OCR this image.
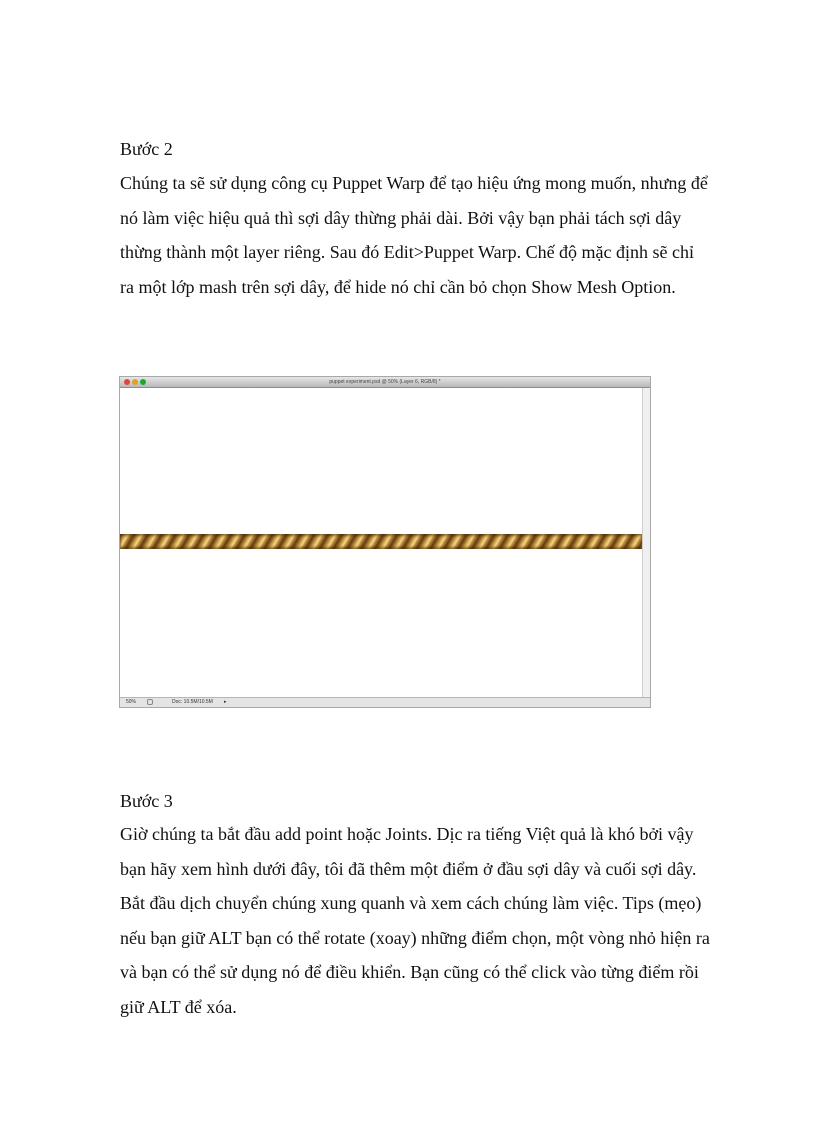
Bước 2

Chúng ta sẽ sử dụng công cụ Puppet Warp để tạo hiệu ứng mong muốn, nhưng để nó làm việc hiệu quả thì sợi dây thừng phải dài. Bởi vậy bạn phải tách sợi dây thừng thành một layer riêng. Sau đó Edit>Puppet Warp. Chế độ mặc định sẽ chỉ ra một lớp mash trên sợi dây, để hide nó chỉ cần bỏ chọn Show Mesh Option.

puppet experiment.psd @ 50% (Layer 6, RGB/8) *
50%	Doc: 10.5M/10.5M ▸
Bước 3

Giờ chúng ta bắt đầu add point hoặc Joints. Dịc ra tiếng Việt quả là khó bởi vậy bạn hãy xem hình dưới đây, tôi đã thêm một điểm ở đầu sợi dây và cuối sợi dây. Bắt đầu dịch chuyển chúng xung quanh và xem cách chúng làm việc. Tips (mẹo) nếu bạn giữ ALT bạn có thể rotate (xoay) những điểm chọn, một vòng nhỏ hiện ra và bạn có thể sử dụng nó để điều khiển. Bạn cũng có thể click vào từng điểm rồi giữ ALT để xóa.
